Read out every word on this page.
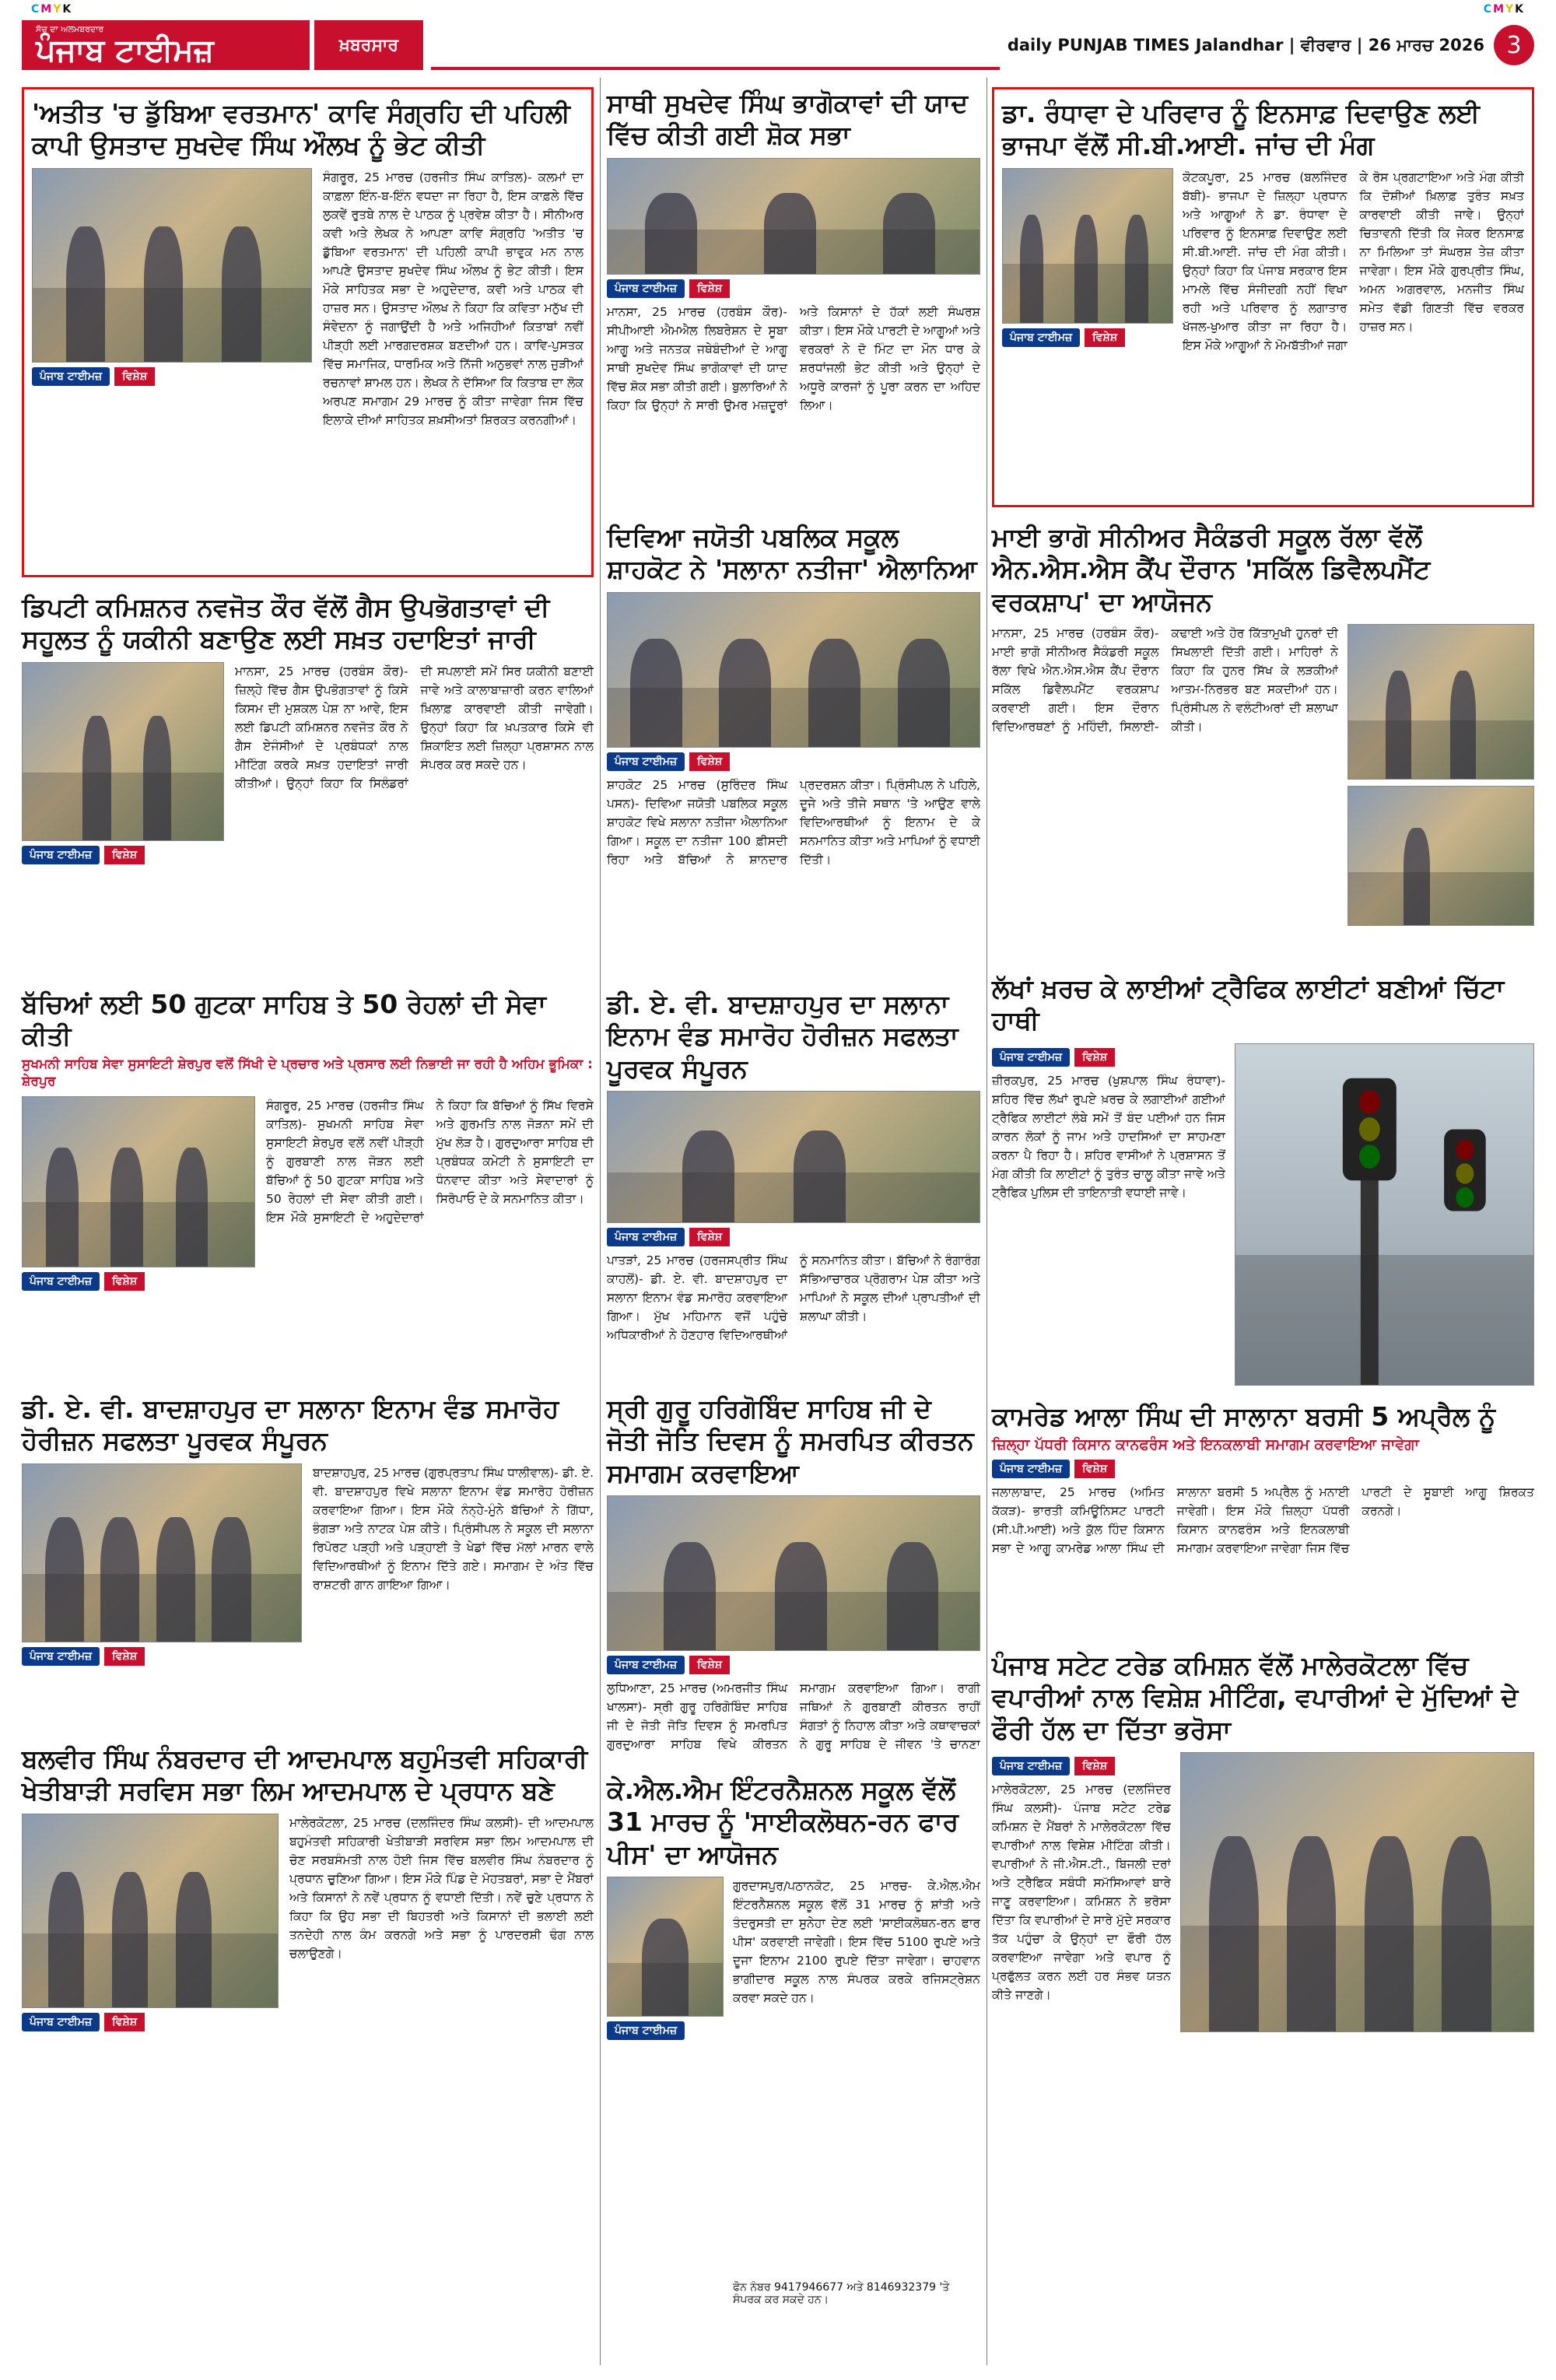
CMYK	CMYK
ਸੱਚ ਦਾ ਅਲਮਬਰਦਾਰ
ਪੰਜਾਬ ਟਾਈਮਜ਼	ਖ਼ਬਰਸਾਰ	daily PUNJAB TIMES Jalandhar | ਵੀਰਵਾਰ | 26 ਮਾਰਚ 2026 3
'ਅਤੀਤ 'ਚ ਡੁੱਬਿਆ ਵਰਤਮਾਨ' ਕਾਵਿ ਸੰਗ੍ਰਹਿ ਦੀ ਪਹਿਲੀ ਕਾਪੀ ਉਸਤਾਦ ਸੁਖਦੇਵ ਸਿੰਘ ਔਲਖ ਨੂੰ ਭੇਟ ਕੀਤੀ
ਪੰਜਾਬ ਟਾਈਮਜ਼	ਵਿਸ਼ੇਸ਼
ਸੰਗਰੂਰ, 25 ਮਾਰਚ (ਹਰਜੀਤ ਸਿੰਘ ਕਾਤਿਲ)- ਕਲਮਾਂ ਦਾ ਕਾਫ਼ਲਾ ਇੰਨ-ਬ-ਇੰਨ ਵਧਦਾ ਜਾ ਰਿਹਾ ਹੈ, ਇਸ ਕਾਫ਼ਲੇ ਵਿੱਚ ਲੁਕਵੇਂ ਰੁਤਬੇ ਨਾਲ ਦੇ ਪਾਠਕ ਨੂੰ ਪ੍ਰਵੇਸ਼ ਕੀਤਾ ਹੈ। ਸੀਨੀਅਰ ਕਵੀ ਅਤੇ ਲੇਖਕ ਨੇ ਆਪਣਾ ਕਾਵਿ ਸੰਗ੍ਰਹਿ 'ਅਤੀਤ 'ਚ ਡੁੱਬਿਆ ਵਰਤਮਾਨ' ਦੀ ਪਹਿਲੀ ਕਾਪੀ ਭਾਵੁਕ ਮਨ ਨਾਲ ਆਪਣੇ ਉਸਤਾਦ ਸੁਖਦੇਵ ਸਿੰਘ ਔਲਖ ਨੂੰ ਭੇਟ ਕੀਤੀ। ਇਸ ਮੌਕੇ ਸਾਹਿਤਕ ਸਭਾ ਦੇ ਅਹੁਦੇਦਾਰ, ਕਵੀ ਅਤੇ ਪਾਠਕ ਵੀ ਹਾਜ਼ਰ ਸਨ। ਉਸਤਾਦ ਔਲਖ ਨੇ ਕਿਹਾ ਕਿ ਕਵਿਤਾ ਮਨੁੱਖ ਦੀ ਸੰਵੇਦਨਾ ਨੂੰ ਜਗਾਉਂਦੀ ਹੈ ਅਤੇ ਅਜਿਹੀਆਂ ਕਿਤਾਬਾਂ ਨਵੀਂ ਪੀੜ੍ਹੀ ਲਈ ਮਾਰਗਦਰਸ਼ਕ ਬਣਦੀਆਂ ਹਨ। ਕਾਵਿ-ਪੁਸਤਕ ਵਿੱਚ ਸਮਾਜਿਕ, ਧਾਰਮਿਕ ਅਤੇ ਨਿੱਜੀ ਅਨੁਭਵਾਂ ਨਾਲ ਜੁੜੀਆਂ ਰਚਨਾਵਾਂ ਸ਼ਾਮਲ ਹਨ। ਲੇਖਕ ਨੇ ਦੱਸਿਆ ਕਿ ਕਿਤਾਬ ਦਾ ਲੋਕ ਅਰਪਣ ਸਮਾਗਮ 29 ਮਾਰਚ ਨੂੰ ਕੀਤਾ ਜਾਵੇਗਾ ਜਿਸ ਵਿੱਚ ਇਲਾਕੇ ਦੀਆਂ ਸਾਹਿਤਕ ਸ਼ਖ਼ਸੀਅਤਾਂ ਸ਼ਿਰਕਤ ਕਰਨਗੀਆਂ।
ਡਿਪਟੀ ਕਮਿਸ਼ਨਰ ਨਵਜੋਤ ਕੌਰ ਵੱਲੋਂ ਗੈਸ ਉਪਭੋਗਤਾਵਾਂ ਦੀ ਸਹੂਲਤ ਨੂੰ ਯਕੀਨੀ ਬਣਾਉਣ ਲਈ ਸਖ਼ਤ ਹਦਾਇਤਾਂ ਜਾਰੀ
ਪੰਜਾਬ ਟਾਈਮਜ਼	ਵਿਸ਼ੇਸ਼
ਮਾਨਸਾ, 25 ਮਾਰਚ (ਹਰਬੰਸ ਕੌਰ)- ਜ਼ਿਲ੍ਹੇ ਵਿੱਚ ਗੈਸ ਉਪਭੋਗਤਾਵਾਂ ਨੂੰ ਕਿਸੇ ਕਿਸਮ ਦੀ ਮੁਸ਼ਕਲ ਪੇਸ਼ ਨਾ ਆਵੇ, ਇਸ ਲਈ ਡਿਪਟੀ ਕਮਿਸ਼ਨਰ ਨਵਜੋਤ ਕੌਰ ਨੇ ਗੈਸ ਏਜੰਸੀਆਂ ਦੇ ਪ੍ਰਬੰਧਕਾਂ ਨਾਲ ਮੀਟਿੰਗ ਕਰਕੇ ਸਖ਼ਤ ਹਦਾਇਤਾਂ ਜਾਰੀ ਕੀਤੀਆਂ। ਉਨ੍ਹਾਂ ਕਿਹਾ ਕਿ ਸਿਲੰਡਰਾਂ ਦੀ ਸਪਲਾਈ ਸਮੇਂ ਸਿਰ ਯਕੀਨੀ ਬਣਾਈ ਜਾਵੇ ਅਤੇ ਕਾਲਾਬਾਜ਼ਾਰੀ ਕਰਨ ਵਾਲਿਆਂ ਖ਼ਿਲਾਫ਼ ਕਾਰਵਾਈ ਕੀਤੀ ਜਾਵੇਗੀ। ਉਨ੍ਹਾਂ ਕਿਹਾ ਕਿ ਖ਼ਪਤਕਾਰ ਕਿਸੇ ਵੀ ਸ਼ਿਕਾਇਤ ਲਈ ਜ਼ਿਲ੍ਹਾ ਪ੍ਰਸ਼ਾਸਨ ਨਾਲ ਸੰਪਰਕ ਕਰ ਸਕਦੇ ਹਨ।
ਬੱਚਿਆਂ ਲਈ 50 ਗੁਟਕਾ ਸਾਹਿਬ ਤੇ 50 ਰੇਹਲਾਂ ਦੀ ਸੇਵਾ ਕੀਤੀ
ਸੁਖਮਨੀ ਸਾਹਿਬ ਸੇਵਾ ਸੁਸਾਇਟੀ ਸ਼ੇਰਪੁਰ ਵਲੋਂ ਸਿੱਖੀ ਦੇ ਪ੍ਰਚਾਰ ਅਤੇ ਪ੍ਰਸਾਰ ਲਈ ਨਿਭਾਈ ਜਾ ਰਹੀ ਹੈ ਅਹਿਮ ਭੂਮਿਕਾ : ਸ਼ੇਰਪੁਰ
ਪੰਜਾਬ ਟਾਈਮਜ਼	ਵਿਸ਼ੇਸ਼
ਸੰਗਰੂਰ, 25 ਮਾਰਚ (ਹਰਜੀਤ ਸਿੰਘ ਕਾਤਿਲ)- ਸੁਖਮਨੀ ਸਾਹਿਬ ਸੇਵਾ ਸੁਸਾਇਟੀ ਸ਼ੇਰਪੁਰ ਵਲੋਂ ਨਵੀਂ ਪੀੜ੍ਹੀ ਨੂੰ ਗੁਰਬਾਣੀ ਨਾਲ ਜੋੜਨ ਲਈ ਬੱਚਿਆਂ ਨੂੰ 50 ਗੁਟਕਾ ਸਾਹਿਬ ਅਤੇ 50 ਰੇਹਲਾਂ ਦੀ ਸੇਵਾ ਕੀਤੀ ਗਈ। ਇਸ ਮੌਕੇ ਸੁਸਾਇਟੀ ਦੇ ਅਹੁਦੇਦਾਰਾਂ ਨੇ ਕਿਹਾ ਕਿ ਬੱਚਿਆਂ ਨੂੰ ਸਿੱਖ ਵਿਰਸੇ ਅਤੇ ਗੁਰਮਤਿ ਨਾਲ ਜੋੜਨਾ ਸਮੇਂ ਦੀ ਮੁੱਖ ਲੋੜ ਹੈ। ਗੁਰਦੁਆਰਾ ਸਾਹਿਬ ਦੀ ਪ੍ਰਬੰਧਕ ਕਮੇਟੀ ਨੇ ਸੁਸਾਇਟੀ ਦਾ ਧੰਨਵਾਦ ਕੀਤਾ ਅਤੇ ਸੇਵਾਦਾਰਾਂ ਨੂੰ ਸਿਰੋਪਾਓ ਦੇ ਕੇ ਸਨਮਾਨਿਤ ਕੀਤਾ।
ਡੀ. ਏ. ਵੀ. ਬਾਦਸ਼ਾਹਪੁਰ ਦਾ ਸਲਾਨਾ ਇਨਾਮ ਵੰਡ ਸਮਾਰੋਹ ਹੋਰੀਜ਼ਨ ਸਫਲਤਾ ਪੂਰਵਕ ਸੰਪੂਰਨ
ਪੰਜਾਬ ਟਾਈਮਜ਼	ਵਿਸ਼ੇਸ਼
ਬਾਦਸ਼ਾਹਪੁਰ, 25 ਮਾਰਚ (ਗੁਰਪ੍ਰਤਾਪ ਸਿੰਘ ਧਾਲੀਵਾਲ)- ਡੀ. ਏ. ਵੀ. ਬਾਦਸ਼ਾਹਪੁਰ ਵਿਖੇ ਸਲਾਨਾ ਇਨਾਮ ਵੰਡ ਸਮਾਰੋਹ ਹੋਰੀਜ਼ਨ ਕਰਵਾਇਆ ਗਿਆ। ਇਸ ਮੌਕੇ ਨੰਨ੍ਹੇ-ਮੁੰਨੇ ਬੱਚਿਆਂ ਨੇ ਗਿੱਧਾ, ਭੰਗੜਾ ਅਤੇ ਨਾਟਕ ਪੇਸ਼ ਕੀਤੇ। ਪ੍ਰਿੰਸੀਪਲ ਨੇ ਸਕੂਲ ਦੀ ਸਲਾਨਾ ਰਿਪੋਰਟ ਪੜ੍ਹੀ ਅਤੇ ਪੜ੍ਹਾਈ ਤੇ ਖੇਡਾਂ ਵਿੱਚ ਮੱਲਾਂ ਮਾਰਨ ਵਾਲੇ ਵਿਦਿਆਰਥੀਆਂ ਨੂੰ ਇਨਾਮ ਦਿੱਤੇ ਗਏ। ਸਮਾਗਮ ਦੇ ਅੰਤ ਵਿੱਚ ਰਾਸ਼ਟਰੀ ਗਾਨ ਗਾਇਆ ਗਿਆ।
ਬਲਵੀਰ ਸਿੰਘ ਨੰਬਰਦਾਰ ਦੀ ਆਦਮਪਾਲ ਬਹੁਮੰਤਵੀ ਸਹਿਕਾਰੀ ਖੇਤੀਬਾੜੀ ਸਰਵਿਸ ਸਭਾ ਲਿਮ ਆਦਮਪਾਲ ਦੇ ਪ੍ਰਧਾਨ ਬਣੇ
ਪੰਜਾਬ ਟਾਈਮਜ਼	ਵਿਸ਼ੇਸ਼
ਮਾਲੇਰਕੋਟਲਾ, 25 ਮਾਰਚ (ਦਲਜਿੰਦਰ ਸਿੰਘ ਕਲਸੀ)- ਦੀ ਆਦਮਪਾਲ ਬਹੁਮੰਤਵੀ ਸਹਿਕਾਰੀ ਖੇਤੀਬਾੜੀ ਸਰਵਿਸ ਸਭਾ ਲਿਮ ਆਦਮਪਾਲ ਦੀ ਚੋਣ ਸਰਬਸੰਮਤੀ ਨਾਲ ਹੋਈ ਜਿਸ ਵਿੱਚ ਬਲਵੀਰ ਸਿੰਘ ਨੰਬਰਦਾਰ ਨੂੰ ਪ੍ਰਧਾਨ ਚੁਣਿਆ ਗਿਆ। ਇਸ ਮੌਕੇ ਪਿੰਡ ਦੇ ਮੋਹਤਬਰਾਂ, ਸਭਾ ਦੇ ਮੈਂਬਰਾਂ ਅਤੇ ਕਿਸਾਨਾਂ ਨੇ ਨਵੇਂ ਪ੍ਰਧਾਨ ਨੂੰ ਵਧਾਈ ਦਿੱਤੀ। ਨਵੇਂ ਚੁਣੇ ਪ੍ਰਧਾਨ ਨੇ ਕਿਹਾ ਕਿ ਉਹ ਸਭਾ ਦੀ ਬਿਹਤਰੀ ਅਤੇ ਕਿਸਾਨਾਂ ਦੀ ਭਲਾਈ ਲਈ ਤਨਦੇਹੀ ਨਾਲ ਕੰਮ ਕਰਨਗੇ ਅਤੇ ਸਭਾ ਨੂੰ ਪਾਰਦਰਸ਼ੀ ਢੰਗ ਨਾਲ ਚਲਾਉਣਗੇ।
ਸਾਥੀ ਸੁਖਦੇਵ ਸਿੰਘ ਭਾਗੋਕਾਵਾਂ ਦੀ ਯਾਦ ਵਿੱਚ ਕੀਤੀ ਗਈ ਸ਼ੋਕ ਸਭਾ
ਪੰਜਾਬ ਟਾਈਮਜ਼	ਵਿਸ਼ੇਸ਼
ਮਾਨਸਾ, 25 ਮਾਰਚ (ਹਰਬੰਸ ਕੌਰ)- ਸੀਪੀਆਈ ਐਮਐਲ ਲਿਬਰੇਸ਼ਨ ਦੇ ਸੂਬਾ ਆਗੂ ਅਤੇ ਜਨਤਕ ਜਥੇਬੰਦੀਆਂ ਦੇ ਆਗੂ ਸਾਥੀ ਸੁਖਦੇਵ ਸਿੰਘ ਭਾਗੋਕਾਵਾਂ ਦੀ ਯਾਦ ਵਿੱਚ ਸ਼ੋਕ ਸਭਾ ਕੀਤੀ ਗਈ। ਬੁਲਾਰਿਆਂ ਨੇ ਕਿਹਾ ਕਿ ਉਨ੍ਹਾਂ ਨੇ ਸਾਰੀ ਉਮਰ ਮਜ਼ਦੂਰਾਂ ਅਤੇ ਕਿਸਾਨਾਂ ਦੇ ਹੱਕਾਂ ਲਈ ਸੰਘਰਸ਼ ਕੀਤਾ। ਇਸ ਮੌਕੇ ਪਾਰਟੀ ਦੇ ਆਗੂਆਂ ਅਤੇ ਵਰਕਰਾਂ ਨੇ ਦੋ ਮਿੰਟ ਦਾ ਮੌਨ ਧਾਰ ਕੇ ਸ਼ਰਧਾਂਜਲੀ ਭੇਟ ਕੀਤੀ ਅਤੇ ਉਨ੍ਹਾਂ ਦੇ ਅਧੂਰੇ ਕਾਰਜਾਂ ਨੂੰ ਪੂਰਾ ਕਰਨ ਦਾ ਅਹਿਦ ਲਿਆ।
ਦਿਵਿਆ ਜਯੋਤੀ ਪਬਲਿਕ ਸਕੂਲ ਸ਼ਾਹਕੋਟ ਨੇ 'ਸਲਾਨਾ ਨਤੀਜਾ' ਐਲਾਨਿਆ
ਪੰਜਾਬ ਟਾਈਮਜ਼	ਵਿਸ਼ੇਸ਼
ਸ਼ਾਹਕੋਟ 25 ਮਾਰਚ (ਸੁਰਿੰਦਰ ਸਿੰਘ ਪਸਨ)- ਦਿਵਿਆ ਜਯੋਤੀ ਪਬਲਿਕ ਸਕੂਲ ਸ਼ਾਹਕੋਟ ਵਿਖੇ ਸਲਾਨਾ ਨਤੀਜਾ ਐਲਾਨਿਆ ਗਿਆ। ਸਕੂਲ ਦਾ ਨਤੀਜਾ 100 ਫ਼ੀਸਦੀ ਰਿਹਾ ਅਤੇ ਬੱਚਿਆਂ ਨੇ ਸ਼ਾਨਦਾਰ ਪ੍ਰਦਰਸ਼ਨ ਕੀਤਾ। ਪ੍ਰਿੰਸੀਪਲ ਨੇ ਪਹਿਲੇ, ਦੂਜੇ ਅਤੇ ਤੀਜੇ ਸਥਾਨ 'ਤੇ ਆਉਣ ਵਾਲੇ ਵਿਦਿਆਰਥੀਆਂ ਨੂੰ ਇਨਾਮ ਦੇ ਕੇ ਸਨਮਾਨਿਤ ਕੀਤਾ ਅਤੇ ਮਾਪਿਆਂ ਨੂੰ ਵਧਾਈ ਦਿੱਤੀ।
ਡੀ. ਏ. ਵੀ. ਬਾਦਸ਼ਾਹਪੁਰ ਦਾ ਸਲਾਨਾ ਇਨਾਮ ਵੰਡ ਸਮਾਰੋਹ ਹੋਰੀਜ਼ਨ ਸਫਲਤਾ ਪੂਰਵਕ ਸੰਪੂਰਨ
ਪੰਜਾਬ ਟਾਈਮਜ਼	ਵਿਸ਼ੇਸ਼
ਪਾਤੜਾਂ, 25 ਮਾਰਚ (ਹਰਜਸਪ੍ਰੀਤ ਸਿੰਘ ਕਾਹਲੋਂ)- ਡੀ. ਏ. ਵੀ. ਬਾਦਸ਼ਾਹਪੁਰ ਦਾ ਸਲਾਨਾ ਇਨਾਮ ਵੰਡ ਸਮਾਰੋਹ ਕਰਵਾਇਆ ਗਿਆ। ਮੁੱਖ ਮਹਿਮਾਨ ਵਜੋਂ ਪਹੁੰਚੇ ਅਧਿਕਾਰੀਆਂ ਨੇ ਹੋਣਹਾਰ ਵਿਦਿਆਰਥੀਆਂ ਨੂੰ ਸਨਮਾਨਿਤ ਕੀਤਾ। ਬੱਚਿਆਂ ਨੇ ਰੰਗਾਰੰਗ ਸੱਭਿਆਚਾਰਕ ਪ੍ਰੋਗਰਾਮ ਪੇਸ਼ ਕੀਤਾ ਅਤੇ ਮਾਪਿਆਂ ਨੇ ਸਕੂਲ ਦੀਆਂ ਪ੍ਰਾਪਤੀਆਂ ਦੀ ਸ਼ਲਾਘਾ ਕੀਤੀ।
ਸ੍ਰੀ ਗੁਰੂ ਹਰਿਗੋਬਿੰਦ ਸਾਹਿਬ ਜੀ ਦੇ ਜੋਤੀ ਜੋਤਿ ਦਿਵਸ ਨੂੰ ਸਮਰਪਿਤ ਕੀਰਤਨ ਸਮਾਗਮ ਕਰਵਾਇਆ
ਪੰਜਾਬ ਟਾਈਮਜ਼	ਵਿਸ਼ੇਸ਼
ਲੁਧਿਆਣਾ, 25 ਮਾਰਚ (ਅਮਰਜੀਤ ਸਿੰਘ ਖਾਲਸਾ)- ਸ੍ਰੀ ਗੁਰੂ ਹਰਿਗੋਬਿੰਦ ਸਾਹਿਬ ਜੀ ਦੇ ਜੋਤੀ ਜੋਤਿ ਦਿਵਸ ਨੂੰ ਸਮਰਪਿਤ ਗੁਰਦੁਆਰਾ ਸਾਹਿਬ ਵਿਖੇ ਕੀਰਤਨ ਸਮਾਗਮ ਕਰਵਾਇਆ ਗਿਆ। ਰਾਗੀ ਜਥਿਆਂ ਨੇ ਗੁਰਬਾਣੀ ਕੀਰਤਨ ਰਾਹੀਂ ਸੰਗਤਾਂ ਨੂੰ ਨਿਹਾਲ ਕੀਤਾ ਅਤੇ ਕਥਾਵਾਚਕਾਂ ਨੇ ਗੁਰੂ ਸਾਹਿਬ ਦੇ ਜੀਵਨ 'ਤੇ ਚਾਨਣਾ
ਕੇ.ਐਲ.ਐਮ ਇੰਟਰਨੈਸ਼ਨਲ ਸਕੂਲ ਵੱਲੋਂ 31 ਮਾਰਚ ਨੂੰ 'ਸਾਈਕਲੋਥਨ-ਰਨ ਫਾਰ ਪੀਸ' ਦਾ ਆਯੋਜਨ
ਪੰਜਾਬ ਟਾਈਮਜ਼
ਗੁਰਦਾਸਪੁਰ/ਪਠਾਨਕੋਟ, 25 ਮਾਰਚ- ਕੇ.ਐਲ.ਐਮ ਇੰਟਰਨੈਸ਼ਨਲ ਸਕੂਲ ਵੱਲੋਂ 31 ਮਾਰਚ ਨੂੰ ਸ਼ਾਂਤੀ ਅਤੇ ਤੰਦਰੁਸਤੀ ਦਾ ਸੁਨੇਹਾ ਦੇਣ ਲਈ 'ਸਾਈਕਲੋਥਨ-ਰਨ ਫਾਰ ਪੀਸ' ਕਰਵਾਈ ਜਾਵੇਗੀ। ਇਸ ਵਿੱਚ 5100 ਰੁਪਏ ਅਤੇ ਦੂਜਾ ਇਨਾਮ 2100 ਰੁਪਏ ਦਿੱਤਾ ਜਾਵੇਗਾ। ਚਾਹਵਾਨ ਭਾਗੀਦਾਰ ਸਕੂਲ ਨਾਲ ਸੰਪਰਕ ਕਰਕੇ ਰਜਿਸਟ੍ਰੇਸ਼ਨ ਕਰਵਾ ਸਕਦੇ ਹਨ।
ਫੋਨ ਨੰਬਰ 9417946677 ਅਤੇ 8146932379 'ਤੇ ਸੰਪਰਕ ਕਰ ਸਕਦੇ ਹਨ।
ਡਾ. ਰੰਧਾਵਾ ਦੇ ਪਰਿਵਾਰ ਨੂੰ ਇਨਸਾਫ਼ ਦਿਵਾਉਣ ਲਈ ਭਾਜਪਾ ਵੱਲੋਂ ਸੀ.ਬੀ.ਆਈ. ਜਾਂਚ ਦੀ ਮੰਗ
ਪੰਜਾਬ ਟਾਈਮਜ਼	ਵਿਸ਼ੇਸ਼
ਕੋਟਕਪੂਰਾ, 25 ਮਾਰਚ (ਬਲਜਿੰਦਰ ਬੱਬੀ)- ਭਾਜਪਾ ਦੇ ਜ਼ਿਲ੍ਹਾ ਪ੍ਰਧਾਨ ਅਤੇ ਆਗੂਆਂ ਨੇ ਡਾ. ਰੰਧਾਵਾ ਦੇ ਪਰਿਵਾਰ ਨੂੰ ਇਨਸਾਫ਼ ਦਿਵਾਉਣ ਲਈ ਸੀ.ਬੀ.ਆਈ. ਜਾਂਚ ਦੀ ਮੰਗ ਕੀਤੀ। ਉਨ੍ਹਾਂ ਕਿਹਾ ਕਿ ਪੰਜਾਬ ਸਰਕਾਰ ਇਸ ਮਾਮਲੇ ਵਿੱਚ ਸੰਜੀਦਗੀ ਨਹੀਂ ਵਿਖਾ ਰਹੀ ਅਤੇ ਪਰਿਵਾਰ ਨੂੰ ਲਗਾਤਾਰ ਖੱਜਲ-ਖੁਆਰ ਕੀਤਾ ਜਾ ਰਿਹਾ ਹੈ। ਇਸ ਮੌਕੇ ਆਗੂਆਂ ਨੇ ਮੋਮਬੱਤੀਆਂ ਜਗਾ ਕੇ ਰੋਸ ਪ੍ਰਗਟਾਇਆ ਅਤੇ ਮੰਗ ਕੀਤੀ ਕਿ ਦੋਸ਼ੀਆਂ ਖ਼ਿਲਾਫ਼ ਤੁਰੰਤ ਸਖ਼ਤ ਕਾਰਵਾਈ ਕੀਤੀ ਜਾਵੇ। ਉਨ੍ਹਾਂ ਚਿਤਾਵਨੀ ਦਿੱਤੀ ਕਿ ਜੇਕਰ ਇਨਸਾਫ਼ ਨਾ ਮਿਲਿਆ ਤਾਂ ਸੰਘਰਸ਼ ਤੇਜ਼ ਕੀਤਾ ਜਾਵੇਗਾ। ਇਸ ਮੌਕੇ ਗੁਰਪ੍ਰੀਤ ਸਿੰਘ, ਅਮਨ ਅਗਰਵਾਲ, ਮਨਜੀਤ ਸਿੰਘ ਸਮੇਤ ਵੱਡੀ ਗਿਣਤੀ ਵਿੱਚ ਵਰਕਰ ਹਾਜ਼ਰ ਸਨ।
ਮਾਈ ਭਾਗੋ ਸੀਨੀਅਰ ਸੈਕੰਡਰੀ ਸਕੂਲ ਰੱਲਾ ਵੱਲੋਂ ਐਨ.ਐਸ.ਐਸ ਕੈਂਪ ਦੌਰਾਨ 'ਸਕਿੱਲ ਡਿਵੈਲਪਮੈਂਟ ਵਰਕਸ਼ਾਪ' ਦਾ ਆਯੋਜਨ
ਮਾਨਸਾ, 25 ਮਾਰਚ (ਹਰਬੰਸ ਕੌਰ)- ਮਾਈ ਭਾਗੋ ਸੀਨੀਅਰ ਸੈਕੰਡਰੀ ਸਕੂਲ ਰੱਲਾ ਵਿਖੇ ਐਨ.ਐਸ.ਐਸ ਕੈਂਪ ਦੌਰਾਨ ਸਕਿੱਲ ਡਿਵੈਲਪਮੈਂਟ ਵਰਕਸ਼ਾਪ ਕਰਵਾਈ ਗਈ। ਇਸ ਦੌਰਾਨ ਵਿਦਿਆਰਥਣਾਂ ਨੂੰ ਮਹਿੰਦੀ, ਸਿਲਾਈ-ਕਢਾਈ ਅਤੇ ਹੋਰ ਕਿੱਤਾਮੁਖੀ ਹੁਨਰਾਂ ਦੀ ਸਿਖਲਾਈ ਦਿੱਤੀ ਗਈ। ਮਾਹਿਰਾਂ ਨੇ ਕਿਹਾ ਕਿ ਹੁਨਰ ਸਿੱਖ ਕੇ ਲੜਕੀਆਂ ਆਤਮ-ਨਿਰਭਰ ਬਣ ਸਕਦੀਆਂ ਹਨ। ਪ੍ਰਿੰਸੀਪਲ ਨੇ ਵਲੰਟੀਅਰਾਂ ਦੀ ਸ਼ਲਾਘਾ ਕੀਤੀ।
ਲੱਖਾਂ ਖ਼ਰਚ ਕੇ ਲਾਈਆਂ ਟ੍ਰੈਫਿਕ ਲਾਈਟਾਂ ਬਣੀਆਂ ਚਿੱਟਾ ਹਾਥੀ
ਪੰਜਾਬ ਟਾਈਮਜ਼	ਵਿਸ਼ੇਸ਼
ਜ਼ੀਰਕਪੁਰ, 25 ਮਾਰਚ (ਖੁਸ਼ਪਾਲ ਸਿੰਘ ਰੰਧਾਵਾ)- ਸ਼ਹਿਰ ਵਿੱਚ ਲੱਖਾਂ ਰੁਪਏ ਖ਼ਰਚ ਕੇ ਲਗਾਈਆਂ ਗਈਆਂ ਟ੍ਰੈਫਿਕ ਲਾਈਟਾਂ ਲੰਬੇ ਸਮੇਂ ਤੋਂ ਬੰਦ ਪਈਆਂ ਹਨ ਜਿਸ ਕਾਰਨ ਲੋਕਾਂ ਨੂੰ ਜਾਮ ਅਤੇ ਹਾਦਸਿਆਂ ਦਾ ਸਾਹਮਣਾ ਕਰਨਾ ਪੈ ਰਿਹਾ ਹੈ। ਸ਼ਹਿਰ ਵਾਸੀਆਂ ਨੇ ਪ੍ਰਸ਼ਾਸਨ ਤੋਂ ਮੰਗ ਕੀਤੀ ਕਿ ਲਾਈਟਾਂ ਨੂੰ ਤੁਰੰਤ ਚਾਲੂ ਕੀਤਾ ਜਾਵੇ ਅਤੇ ਟ੍ਰੈਫਿਕ ਪੁਲਿਸ ਦੀ ਤਾਇਨਾਤੀ ਵਧਾਈ ਜਾਵੇ।
ਕਾਮਰੇਡ ਆਲਾ ਸਿੰਘ ਦੀ ਸਾਲਾਨਾ ਬਰਸੀ 5 ਅਪ੍ਰੈਲ ਨੂੰ
ਜ਼ਿਲ੍ਹਾ ਪੱਧਰੀ ਕਿਸਾਨ ਕਾਨਫਰੰਸ ਅਤੇ ਇਨਕਲਾਬੀ ਸਮਾਗਮ ਕਰਵਾਇਆ ਜਾਵੇਗਾ
ਪੰਜਾਬ ਟਾਈਮਜ਼	ਵਿਸ਼ੇਸ਼
ਜਲਾਲਾਬਾਦ, 25 ਮਾਰਚ (ਅਮਿਤ ਕੱਕੜ)- ਭਾਰਤੀ ਕਮਿਊਨਿਸਟ ਪਾਰਟੀ (ਸੀ.ਪੀ.ਆਈ) ਅਤੇ ਕੁੱਲ ਹਿੰਦ ਕਿਸਾਨ ਸਭਾ ਦੇ ਆਗੂ ਕਾਮਰੇਡ ਆਲਾ ਸਿੰਘ ਦੀ ਸਾਲਾਨਾ ਬਰਸੀ 5 ਅਪ੍ਰੈਲ ਨੂੰ ਮਨਾਈ ਜਾਵੇਗੀ। ਇਸ ਮੌਕੇ ਜ਼ਿਲ੍ਹਾ ਪੱਧਰੀ ਕਿਸਾਨ ਕਾਨਫਰੰਸ ਅਤੇ ਇਨਕਲਾਬੀ ਸਮਾਗਮ ਕਰਵਾਇਆ ਜਾਵੇਗਾ ਜਿਸ ਵਿੱਚ ਪਾਰਟੀ ਦੇ ਸੂਬਾਈ ਆਗੂ ਸ਼ਿਰਕਤ ਕਰਨਗੇ।
ਪੰਜਾਬ ਸਟੇਟ ਟਰੇਡ ਕਮਿਸ਼ਨ ਵੱਲੋਂ ਮਾਲੇਰਕੋਟਲਾ ਵਿੱਚ ਵਪਾਰੀਆਂ ਨਾਲ ਵਿਸ਼ੇਸ਼ ਮੀਟਿੰਗ, ਵਪਾਰੀਆਂ ਦੇ ਮੁੱਦਿਆਂ ਦੇ ਫੌਰੀ ਹੱਲ ਦਾ ਦਿੱਤਾ ਭਰੋਸਾ
ਪੰਜਾਬ ਟਾਈਮਜ਼	ਵਿਸ਼ੇਸ਼
ਮਾਲੇਰਕੋਟਲਾ, 25 ਮਾਰਚ (ਦਲਜਿੰਦਰ ਸਿੰਘ ਕਲਸੀ)- ਪੰਜਾਬ ਸਟੇਟ ਟਰੇਡ ਕਮਿਸ਼ਨ ਦੇ ਮੈਂਬਰਾਂ ਨੇ ਮਾਲੇਰਕੋਟਲਾ ਵਿੱਚ ਵਪਾਰੀਆਂ ਨਾਲ ਵਿਸ਼ੇਸ਼ ਮੀਟਿੰਗ ਕੀਤੀ। ਵਪਾਰੀਆਂ ਨੇ ਜੀ.ਐਸ.ਟੀ., ਬਿਜਲੀ ਦਰਾਂ ਅਤੇ ਟ੍ਰੈਫਿਕ ਸਬੰਧੀ ਸਮੱਸਿਆਵਾਂ ਬਾਰੇ ਜਾਣੂ ਕਰਵਾਇਆ। ਕਮਿਸ਼ਨ ਨੇ ਭਰੋਸਾ ਦਿੱਤਾ ਕਿ ਵਪਾਰੀਆਂ ਦੇ ਸਾਰੇ ਮੁੱਦੇ ਸਰਕਾਰ ਤੱਕ ਪਹੁੰਚਾ ਕੇ ਉਨ੍ਹਾਂ ਦਾ ਫੌਰੀ ਹੱਲ ਕਰਵਾਇਆ ਜਾਵੇਗਾ ਅਤੇ ਵਪਾਰ ਨੂੰ ਪ੍ਰਫੁੱਲਤ ਕਰਨ ਲਈ ਹਰ ਸੰਭਵ ਯਤਨ ਕੀਤੇ ਜਾਣਗੇ।
